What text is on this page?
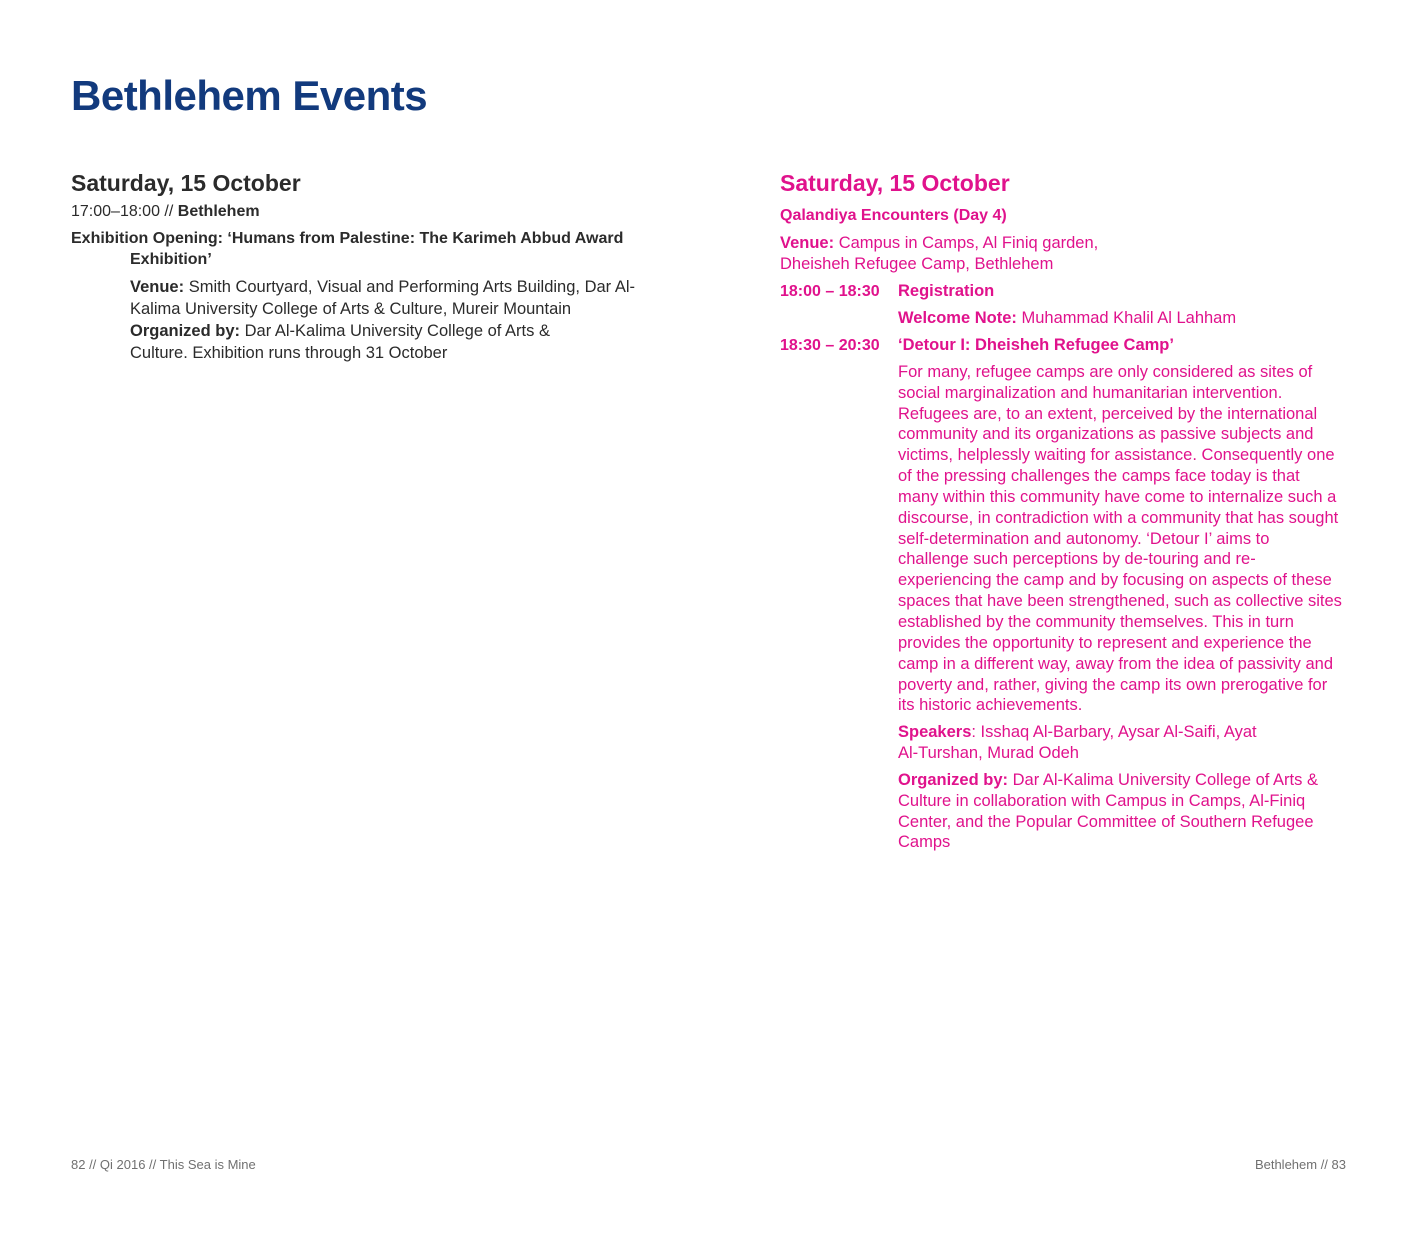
Bethlehem Events
Saturday, 15 October
17:00–18:00 // Bethlehem
Exhibition Opening: ‘Humans from Palestine: The Karimeh Abbud Award Exhibition’

Venue: Smith Courtyard, Visual and Performing Arts Building, Dar Al-Kalima University College of Arts & Culture, Mureir Mountain

Organized by: Dar Al-Kalima University College of Arts & Culture. Exhibition runs through 31 October

Saturday, 15 October
Qalandiya Encounters (Day 4)
Venue: Campus in Camps, Al Finiq garden, Dheisheh Refugee Camp, Bethlehem
18:00 – 18:30	Registration

Welcome Note: Muhammad Khalil Al Lahham

18:30 – 20:30	‘Detour I: Dheisheh Refugee Camp’

For many, refugee camps are only considered as sites of social marginalization and humanitarian intervention. Refugees are, to an extent, perceived by the international community and its organizations as passive subjects and victims, helplessly waiting for assistance. Consequently one of the pressing challenges the camps face today is that many within this community have come to internalize such a discourse, in contradiction with a community that has sought self-determination and autonomy. ‘Detour I’ aims to challenge such perceptions by de-touring and re-experiencing the camp and by focusing on aspects of these spaces that have been strengthened, such as collective sites established by the community themselves. This in turn provides the opportunity to represent and experience the camp in a different way, away from the idea of passivity and poverty and, rather, giving the camp its own prerogative for its historic achievements.

Speakers: Isshaq Al-Barbary, Aysar Al-Saifi, Ayat Al-Turshan, Murad Odeh

Organized by: Dar Al-Kalima University College of Arts & Culture in collaboration with Campus in Camps, Al-Finiq Center, and the Popular Committee of Southern Refugee Camps

82 // Qi 2016 // This Sea is Mine	Bethlehem // 83
